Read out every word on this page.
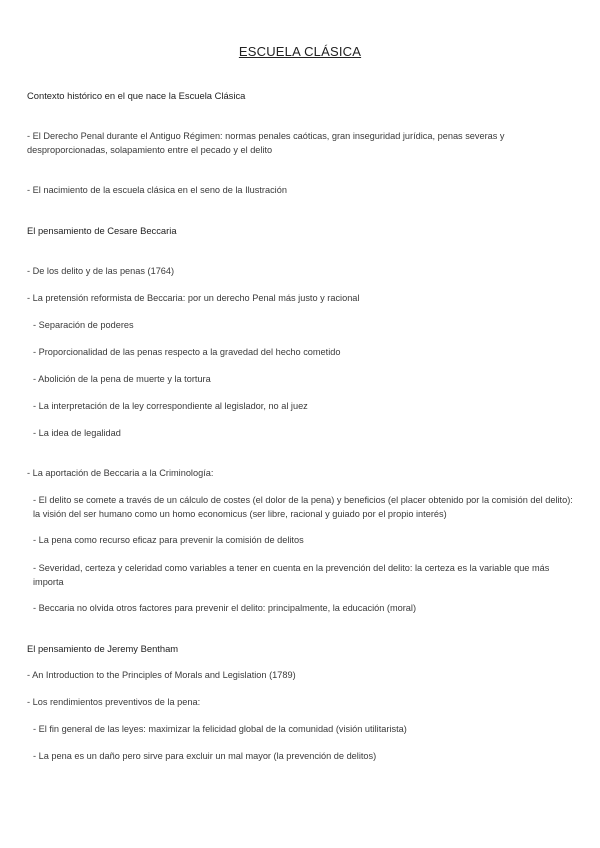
ESCUELA CLÁSICA
Contexto histórico en el que nace la Escuela Clásica
- El Derecho Penal durante el Antiguo Régimen: normas penales caóticas, gran inseguridad jurídica, penas severas y desproporcionadas, solapamiento entre el pecado y el delito
- El nacimiento de la escuela clásica en el seno de la Ilustración
El pensamiento de Cesare Beccaria
- De los delito y de las penas (1764)
- La pretensión reformista de Beccaria: por un derecho Penal más justo y racional
- Separación de poderes
- Proporcionalidad de las penas respecto a la gravedad del hecho cometido
- Abolición de la pena de muerte y la tortura
- La interpretación de la ley correspondiente al legislador, no al juez
- La idea de legalidad
- La aportación de Beccaria a la Criminología:
- El delito se comete a través de un cálculo de costes (el dolor de la pena) y beneficios (el placer obtenido por la comisión del delito): la visión del ser humano como un homo economicus (ser libre, racional y guiado por el propio interés)
- La pena como recurso eficaz para prevenir la comisión de delitos
- Severidad, certeza y celeridad como variables a tener en cuenta en la prevención del delito: la certeza es la variable que más importa
- Beccaria no olvida otros factores para prevenir el delito: principalmente, la educación (moral)
El pensamiento de Jeremy Bentham
- An Introduction to the Principles of Morals and Legislation (1789)
- Los rendimientos preventivos de la pena:
- El fin general de las leyes: maximizar la felicidad global de la comunidad (visión utilitarista)
- La pena es un daño pero sirve para excluir un mal mayor (la prevención de delitos)
